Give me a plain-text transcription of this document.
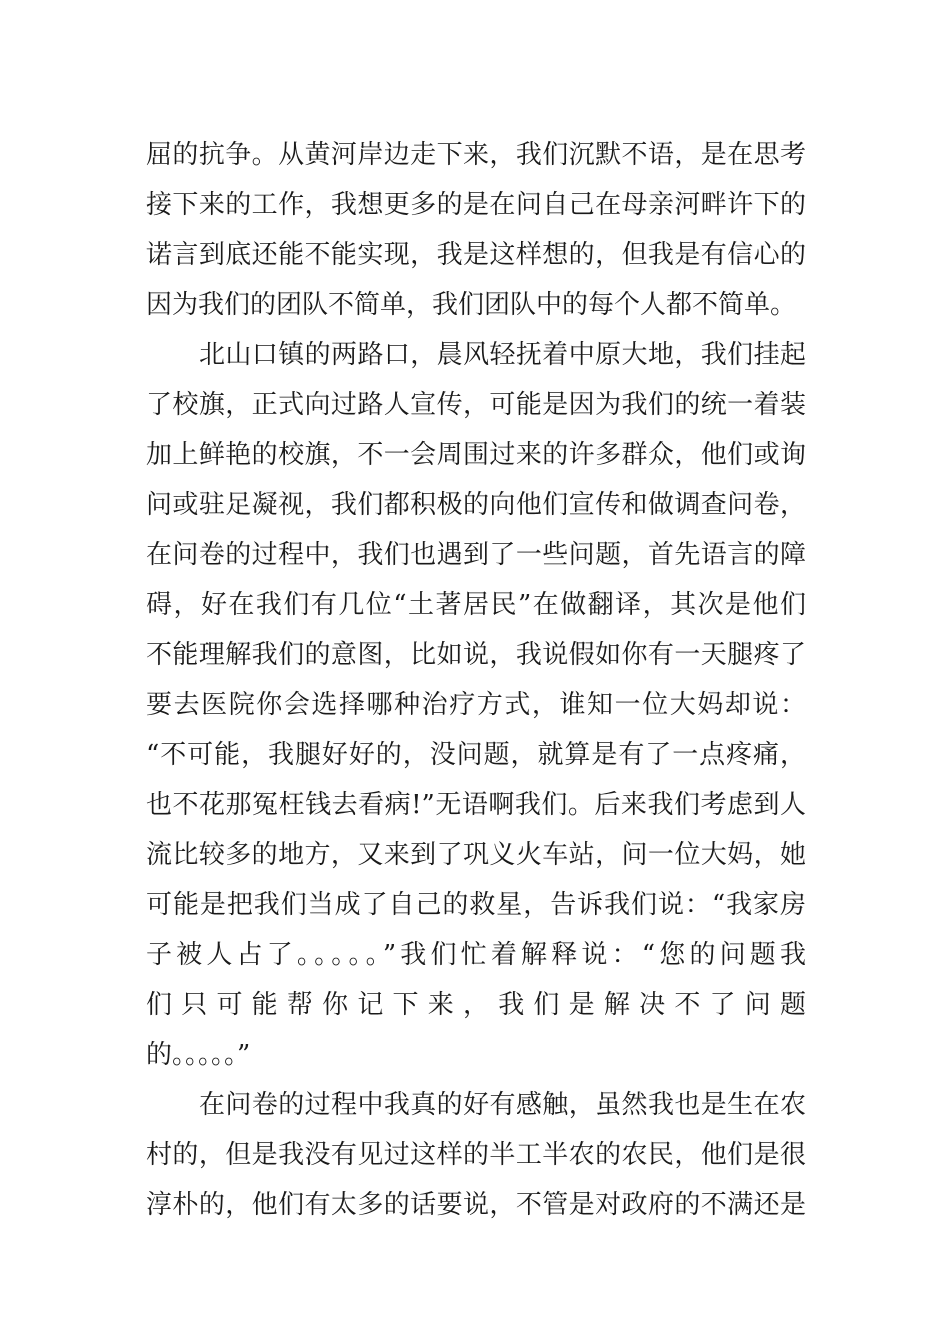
屈的抗争。从黄河岸边走下来，我们沉默不语，是在思考
接下来的工作，我想更多的是在问自己在母亲河畔许下的
诺言到底还能不能实现，我是这样想的，但我是有信心的
因为我们的团队不简单，我们团队中的每个人都不简单。
北山口镇的两路口，晨风轻抚着中原大地，我们挂起
了校旗，正式向过路人宣传，可能是因为我们的统一着装
加上鲜艳的校旗，不一会周围过来的许多群众，他们或询
问或驻足凝视，我们都积极的向他们宣传和做调查问卷，
在问卷的过程中，我们也遇到了一些问题，首先语言的障
碍，好在我们有几位“土著居民”在做翻译，其次是他们
不能理解我们的意图，比如说，我说假如你有一天腿疼了
要去医院你会选择哪种治疗方式，谁知一位大妈却说：
“不可能，我腿好好的，没问题，就算是有了一点疼痛，
也不花那冤枉钱去看病!”无语啊我们。后来我们考虑到人
流比较多的地方，又来到了巩义火车站，问一位大妈，她
可能是把我们当成了自己的救星，告诉我们说：“我家房
子被人占了。。。。。”我们忙着解释说：“您的问题我
们只可能帮你记下来，我们是解决不了问题
的。。。。。”
在问卷的过程中我真的好有感触，虽然我也是生在农
村的，但是我没有见过这样的半工半农的农民，他们是很
淳朴的，他们有太多的话要说，不管是对政府的不满还是
